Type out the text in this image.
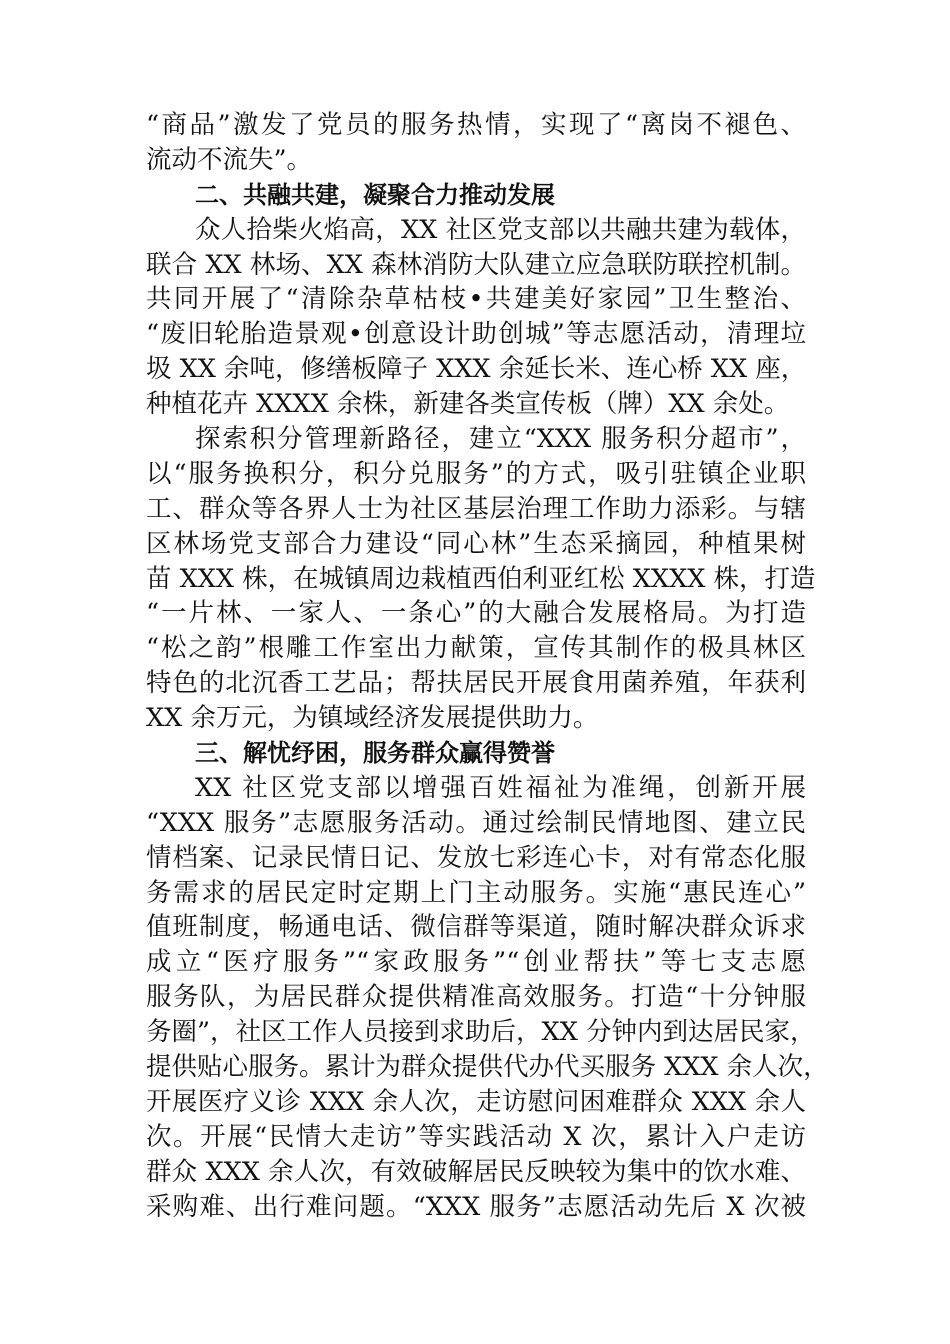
“商品”激发了党员的服务热情，实现了“离岗不褪色、
流动不流失”。
二、共融共建，凝聚合力推动发展
众人拾柴火焰高，XX 社区党支部以共融共建为载体，
联合 XX 林场、XX 森林消防大队建立应急联防联控机制。
共同开展了“清除杂草枯枝•共建美好家园”卫生整治、
“废旧轮胎造景观•创意设计助创城”等志愿活动，清理垃
圾 XX 余吨，修缮板障子 XXX 余延长米、连心桥 XX 座，
种植花卉 XXXX 余株，新建各类宣传板（牌）XX 余处。
探索积分管理新路径，建立“XXX 服务积分超市”，
以“服务换积分，积分兑服务”的方式，吸引驻镇企业职
工、群众等各界人士为社区基层治理工作助力添彩。与辖
区林场党支部合力建设“同心林”生态采摘园，种植果树
苗 XXX 株，在城镇周边栽植西伯利亚红松 XXXX 株，打造
“一片林、一家人、一条心”的大融合发展格局。为打造
“松之韵”根雕工作室出力献策，宣传其制作的极具林区
特色的北沉香工艺品；帮扶居民开展食用菌养殖，年获利
XX 余万元，为镇域经济发展提供助力。
三、解忧纾困，服务群众赢得赞誉
XX 社区党支部以增强百姓福祉为准绳，创新开展
“XXX 服务”志愿服务活动。通过绘制民情地图、建立民
情档案、记录民情日记、发放七彩连心卡，对有常态化服
务需求的居民定时定期上门主动服务。实施“惠民连心”
值班制度，畅通电话、微信群等渠道，随时解决群众诉求
成立“医疗服务”“家政服务”“创业帮扶”等七支志愿
服务队，为居民群众提供精准高效服务。打造“十分钟服
务圈”，社区工作人员接到求助后，XX 分钟内到达居民家，
提供贴心服务。累计为群众提供代办代买服务 XXX 余人次，
开展医疗义诊 XXX 余人次，走访慰问困难群众 XXX 余人
次。开展“民情大走访”等实践活动 X 次，累计入户走访
群众 XXX 余人次，有效破解居民反映较为集中的饮水难、
采购难、出行难问题。“XXX 服务”志愿活动先后 X 次被
